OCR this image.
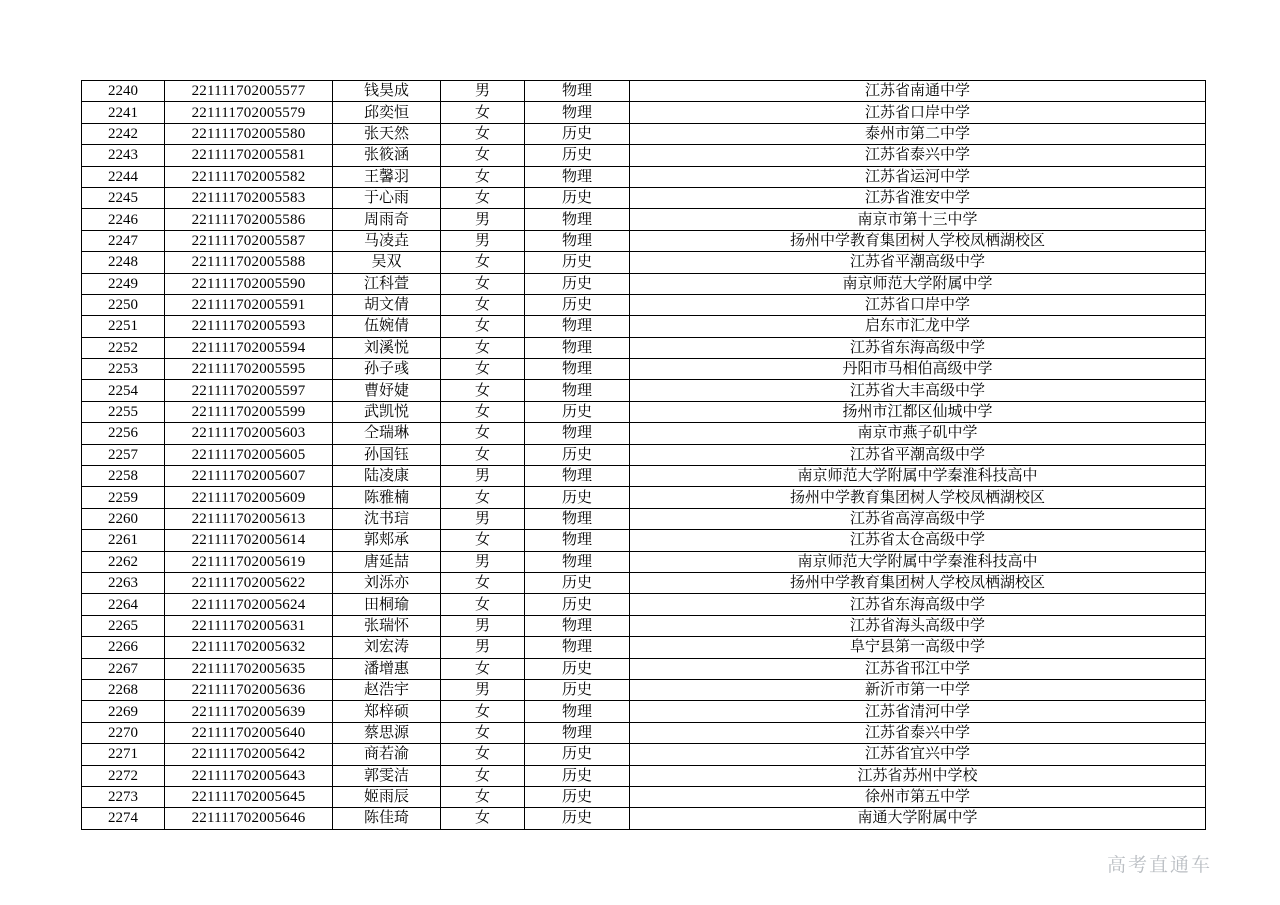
2240	221111702005577	钱昊成	男	物理	江苏省南通中学
2241	221111702005579	邱奕恒	女	物理	江苏省口岸中学
2242	221111702005580	张天然	女	历史	泰州市第二中学
2243	221111702005581	张筱涵	女	历史	江苏省泰兴中学
2244	221111702005582	王馨羽	女	物理	江苏省运河中学
2245	221111702005583	于心雨	女	历史	江苏省淮安中学
2246	221111702005586	周雨奇	男	物理	南京市第十三中学
2247	221111702005587	马凌垚	男	物理	扬州中学教育集团树人学校凤栖湖校区
2248	221111702005588	吴双	女	历史	江苏省平潮高级中学
2249	221111702005590	江科萱	女	历史	南京师范大学附属中学
2250	221111702005591	胡文倩	女	历史	江苏省口岸中学
2251	221111702005593	伍婉倩	女	物理	启东市汇龙中学
2252	221111702005594	刘溪悦	女	物理	江苏省东海高级中学
2253	221111702005595	孙子彧	女	物理	丹阳市马相伯高级中学
2254	221111702005597	曹妤婕	女	物理	江苏省大丰高级中学
2255	221111702005599	武凯悦	女	历史	扬州市江都区仙城中学
2256	221111702005603	仝瑞琳	女	物理	南京市燕子矶中学
2257	221111702005605	孙国钰	女	历史	江苏省平潮高级中学
2258	221111702005607	陆凌康	男	物理	南京师范大学附属中学秦淮科技高中
2259	221111702005609	陈雅楠	女	历史	扬州中学教育集团树人学校凤栖湖校区
2260	221111702005613	沈书琂	男	物理	江苏省高淳高级中学
2261	221111702005614	郭郏承	女	物理	江苏省太仓高级中学
2262	221111702005619	唐延喆	男	物理	南京师范大学附属中学秦淮科技高中
2263	221111702005622	刘泺亦	女	历史	扬州中学教育集团树人学校凤栖湖校区
2264	221111702005624	田桐瑜	女	历史	江苏省东海高级中学
2265	221111702005631	张瑞怀	男	物理	江苏省海头高级中学
2266	221111702005632	刘宏涛	男	物理	阜宁县第一高级中学
2267	221111702005635	潘增惠	女	历史	江苏省邗江中学
2268	221111702005636	赵浩宇	男	历史	新沂市第一中学
2269	221111702005639	郑梓硕	女	物理	江苏省清河中学
2270	221111702005640	蔡思源	女	物理	江苏省泰兴中学
2271	221111702005642	商若渝	女	历史	江苏省宜兴中学
2272	221111702005643	郭雯洁	女	历史	江苏省苏州中学校
2273	221111702005645	姬雨辰	女	历史	徐州市第五中学
2274	221111702005646	陈佳琦	女	历史	南通大学附属中学
高考直通车
